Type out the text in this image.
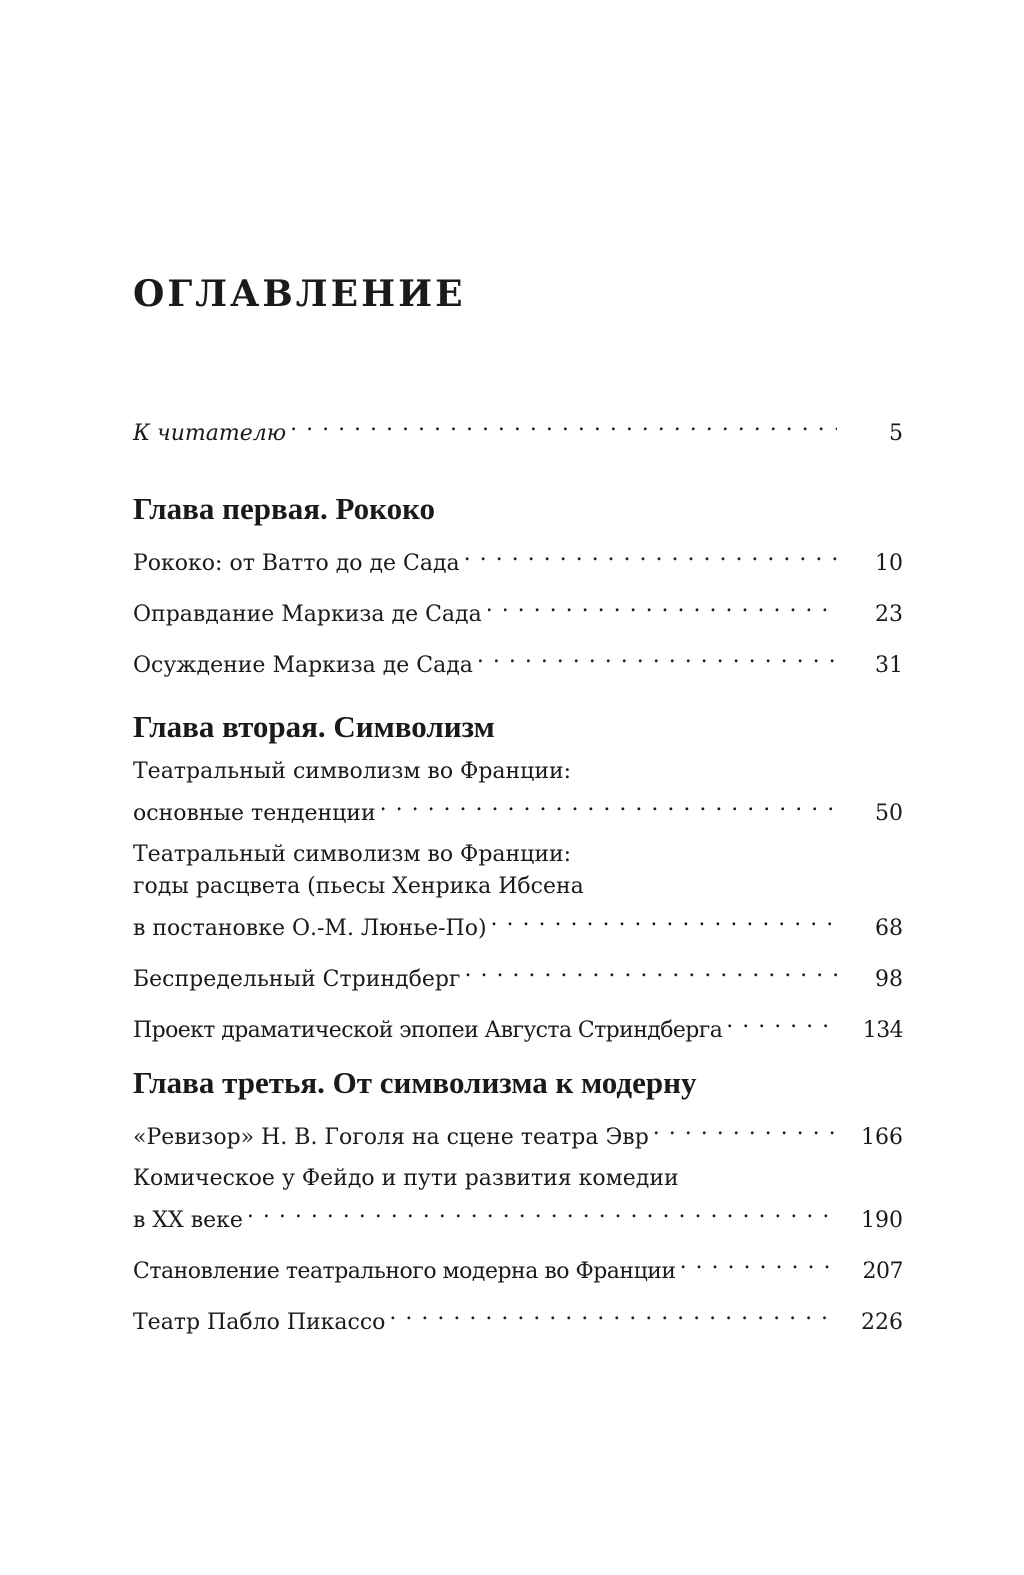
ОГЛАВЛЕНИЕ
К читателю . . .	5
Глава первая. Рококо
Рококо: от Ватто до де Сада . . .	10
Оправдание Маркиза де Сада . . .	23
Осуждение Маркиза де Сада . . .	31
Глава вторая. Символизм
Театральный символизм во Франции:
основные тенденции . . .	50
Театральный символизм во Франции:
годы расцвета (пьесы Хенрика Ибсена
в постановке О.-М. Люнье-По) . . .	68
Беспредельный Стриндберг . . .	98
Проект драматической эпопеи Августа Стриндберга . . .	134
Глава третья. От символизма к модерну
«Ревизор» Н. В. Гоголя на сцене театра Эвр . . .	166
Комическое у Фейдо и пути развития комедии
в XX веке . . .	190
Становление театрального модерна во Франции . . .	207
Театр Пабло Пикассо . . .	226
